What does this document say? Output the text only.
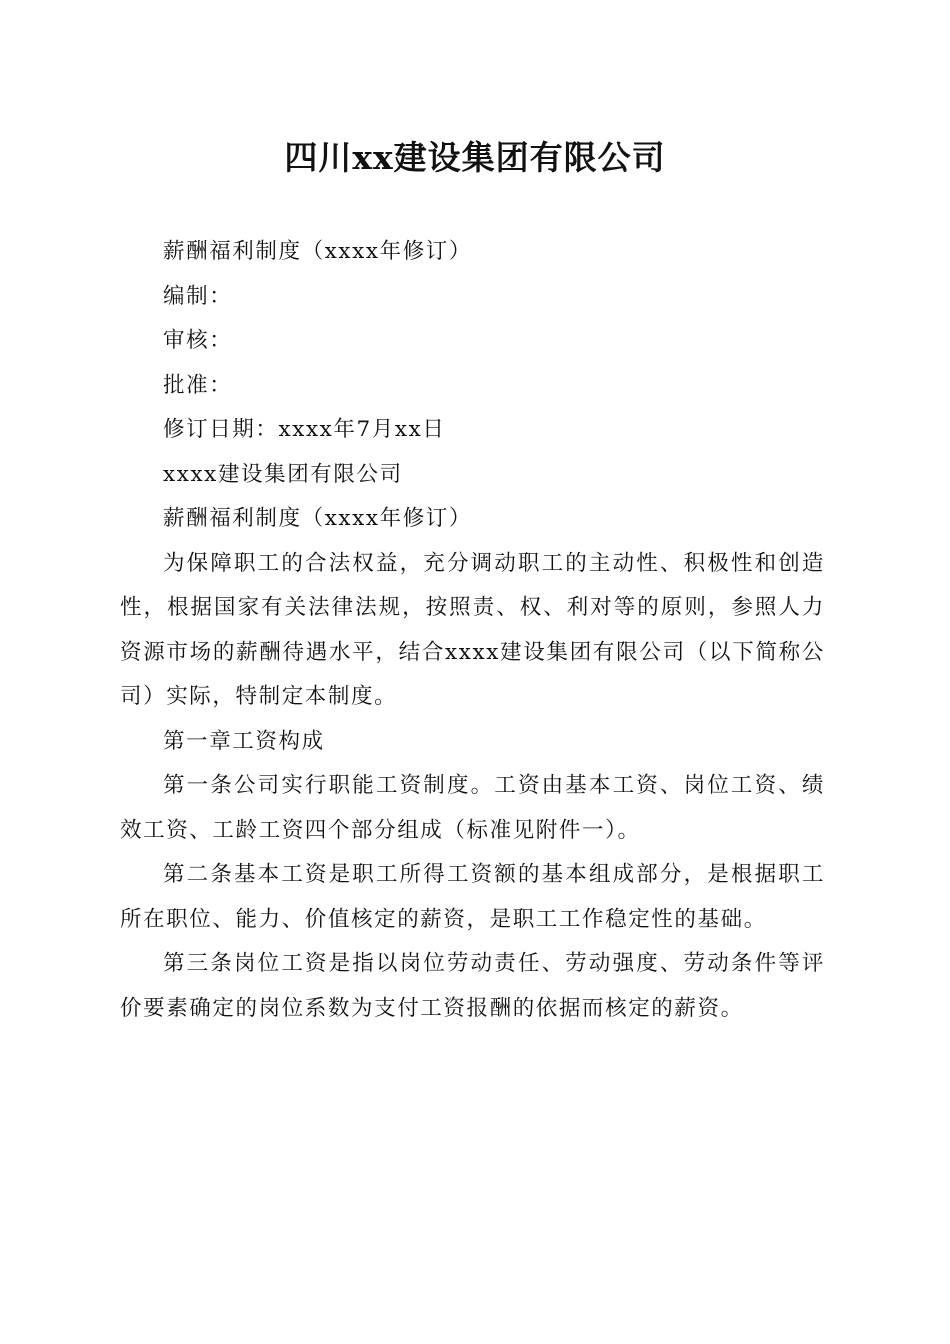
四川xx建设集团有限公司

薪酬福利制度（xxxx年修订）

编制：

审核：

批准：

修订日期：xxxx年7月xx日

xxxx建设集团有限公司

薪酬福利制度（xxxx年修订）

为保障职工的合法权益，充分调动职工的主动性、积极性和创造性，根据国家有关法律法规，按照责、权、利对等的原则，参照人力资源市场的薪酬待遇水平，结合xxxx建设集团有限公司（以下简称公司）实际，特制定本制度。

第一章工资构成

第一条公司实行职能工资制度。工资由基本工资、岗位工资、绩效工资、工龄工资四个部分组成（标准见附件一）。

第二条基本工资是职工所得工资额的基本组成部分，是根据职工所在职位、能力、价值核定的薪资，是职工工作稳定性的基础。

第三条岗位工资是指以岗位劳动责任、劳动强度、劳动条件等评价要素确定的岗位系数为支付工资报酬的依据而核定的薪资。
